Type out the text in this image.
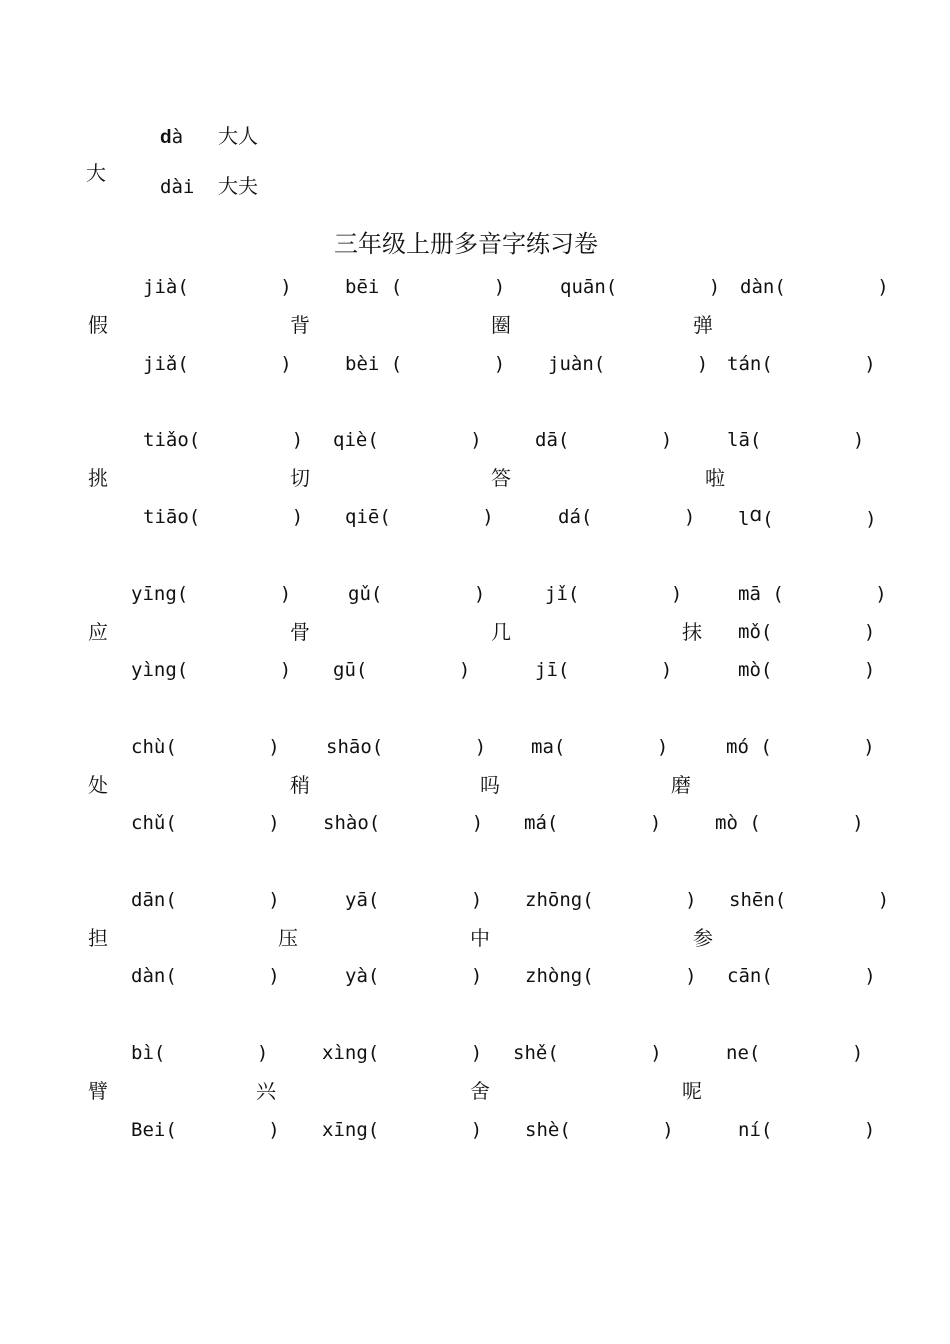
大
dà 大人
dài 大夫
三年级上册多音字练习卷
jià(        )	bēi (        )	quān(        ) dàn(        )
假	背	圈	弹
jiǎ(        )	bèi (        ) juàn(        ) tán(        )
tiǎo(        ) qiè(        )	dā(        )	lā(        )
挑	切	答	啦
tiāo(        ) qiē(        )	dá(        ) lɑ(        )
yīng(        )	gǔ(        )	jǐ(        )	mā (        )
应	骨	几	抹 mǒ(        )
yìng(        ) gū(        )	jī(        )	mò(        )
chù(        ) shāo(        ) ma(        )	mó (        )
处	稍	吗	磨
chǔ(        ) shào(        ) má(        )	mò (        )
dān(        )	yā(        ) zhōng(        ) shēn(        )
担	压	中	参
dàn(        )	yà(        ) zhòng(        ) cān(        )
bì(        )	xìng(        ) shě(        )	ne(        )
臂	兴	舍	呢
Bei(        ) xīng(        ) shè(        )	ní(        )
